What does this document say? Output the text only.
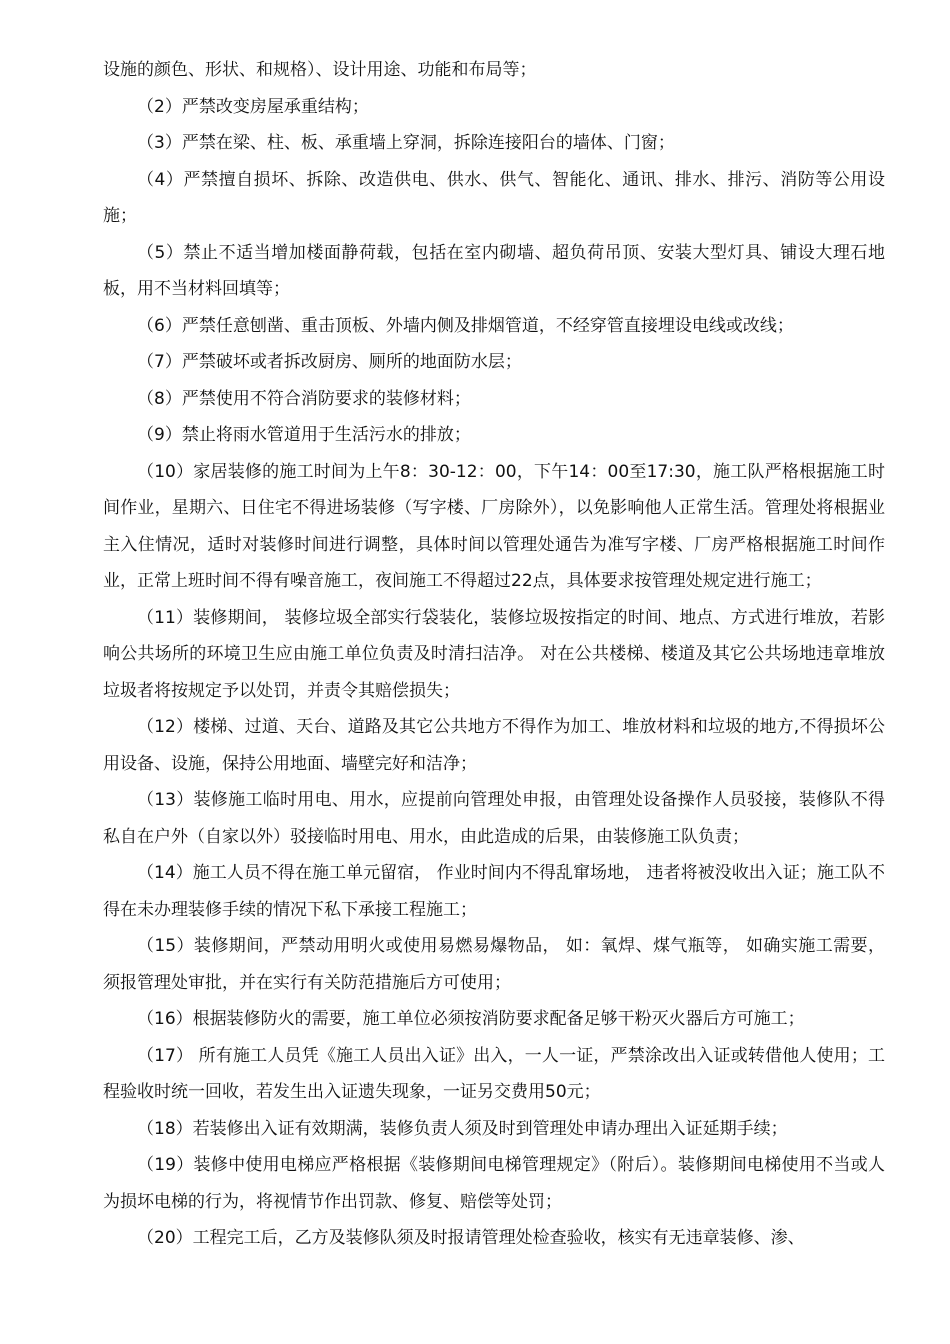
设施的颜色、形状、和规格）、设计用途、功能和布局等；

（2）严禁改变房屋承重结构；

（3）严禁在梁、柱、板、承重墙上穿洞，拆除连接阳台的墙体、门窗；

（4）严禁擅自损坏、拆除、改造供电、供水、供气、智能化、通讯、排水、排污、消防等公用设施；

（5）禁止不适当增加楼面静荷载，包括在室内砌墙、超负荷吊顶、安装大型灯具、铺设大理石地板，用不当材料回填等；

（6）严禁任意刨凿、重击顶板、外墙内侧及排烟管道，不经穿管直接埋设电线或改线；

（7）严禁破坏或者拆改厨房、厕所的地面防水层；

（8）严禁使用不符合消防要求的装修材料；

（9）禁止将雨水管道用于生活污水的排放；

（10）家居装修的施工时间为上午8：30-12：00，下午14：00至17:30，施工队严格根据施工时间作业，星期六、日住宅不得进场装修（写字楼、厂房除外），以免影响他人正常生活。管理处将根据业主入住情况，适时对装修时间进行调整，具体时间以管理处通告为准写字楼、厂房严格根据施工时间作业，正常上班时间不得有噪音施工，夜间施工不得超过22点，具体要求按管理处规定进行施工；

（11）装修期间， 装修垃圾全部实行袋装化，装修垃圾按指定的时间、地点、方式进行堆放，若影响公共场所的环境卫生应由施工单位负责及时清扫洁净。 对在公共楼梯、楼道及其它公共场地违章堆放垃圾者将按规定予以处罚，并责令其赔偿损失；

（12）楼梯、过道、天台、道路及其它公共地方不得作为加工、堆放材料和垃圾的地方,不得损坏公用设备、设施，保持公用地面、墙壁完好和洁净；

（13）装修施工临时用电、用水，应提前向管理处申报，由管理处设备操作人员驳接，装修队不得私自在户外（自家以外）驳接临时用电、用水，由此造成的后果，由装修施工队负责；

（14）施工人员不得在施工单元留宿， 作业时间内不得乱窜场地， 违者将被没收出入证；施工队不得在未办理装修手续的情况下私下承接工程施工；

（15）装修期间，严禁动用明火或使用易燃易爆物品， 如：氧焊、煤气瓶等， 如确实施工需要， 须报管理处审批，并在实行有关防范措施后方可使用；

（16）根据装修防火的需要，施工单位必须按消防要求配备足够干粉灭火器后方可施工；

（17） 所有施工人员凭《施工人员出入证》出入，一人一证，严禁涂改出入证或转借他人使用；工程验收时统一回收，若发生出入证遗失现象，一证另交费用50元；

（18）若装修出入证有效期满，装修负责人须及时到管理处申请办理出入证延期手续；

（19）装修中使用电梯应严格根据《装修期间电梯管理规定》（附后）。装修期间电梯使用不当或人为损坏电梯的行为，将视情节作出罚款、修复、赔偿等处罚；

（20）工程完工后，乙方及装修队须及时报请管理处检查验收，核实有无违章装修、渗、
